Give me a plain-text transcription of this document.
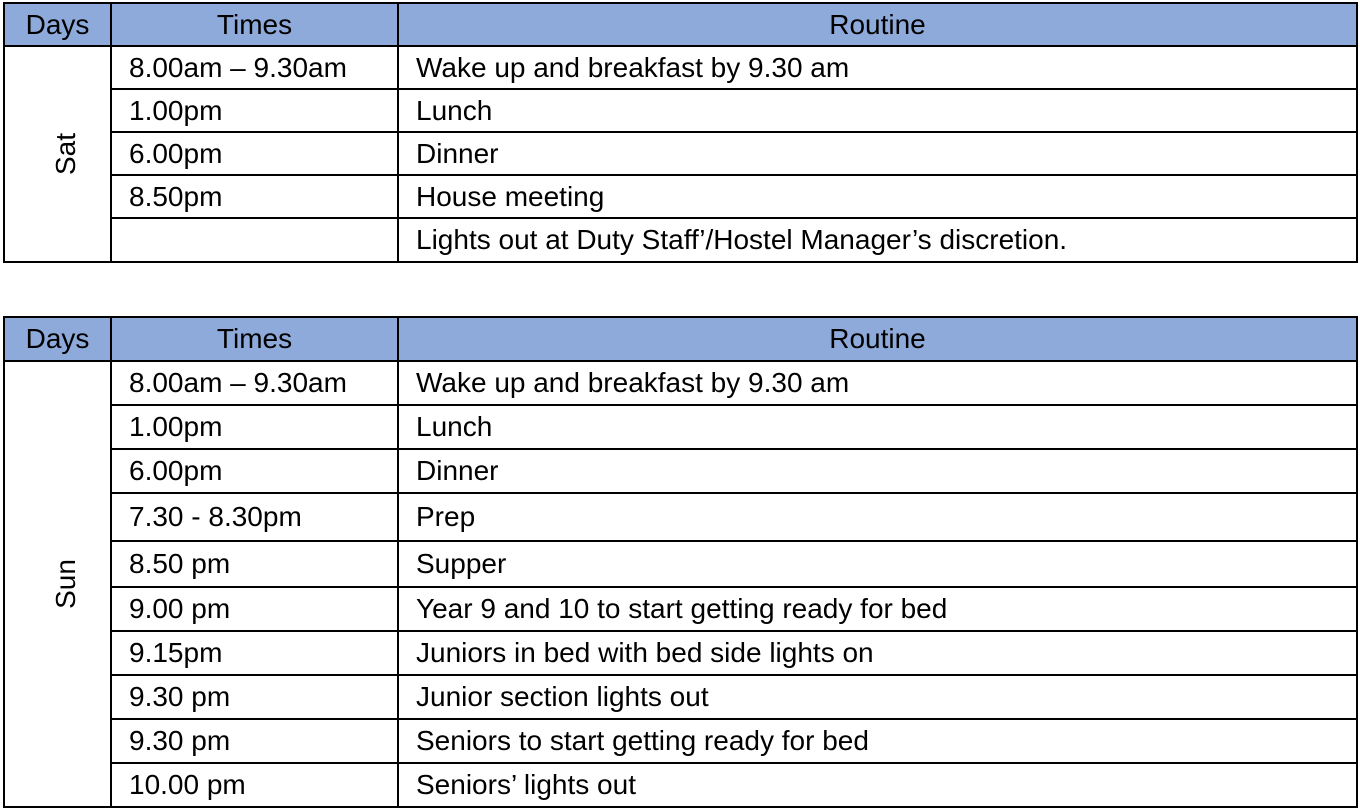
Days	Times	Routine
Sat	8.00am – 9.30am	Wake up and breakfast by 9.30 am
	1.00pm	Lunch
	6.00pm	Dinner
	8.50pm	House meeting
		Lights out at Duty Staff’/Hostel Manager’s discretion.
Days	Times	Routine
Sun	8.00am – 9.30am	Wake up and breakfast by 9.30 am
	1.00pm	Lunch
	6.00pm	Dinner
	7.30 - 8.30pm	Prep
	8.50 pm	Supper
	9.00 pm	Year 9 and 10 to start getting ready for bed
	9.15pm	Juniors in bed with bed side lights on
	9.30 pm	Junior section lights out
	9.30 pm	Seniors to start getting ready for bed
	10.00 pm	Seniors’ lights out
